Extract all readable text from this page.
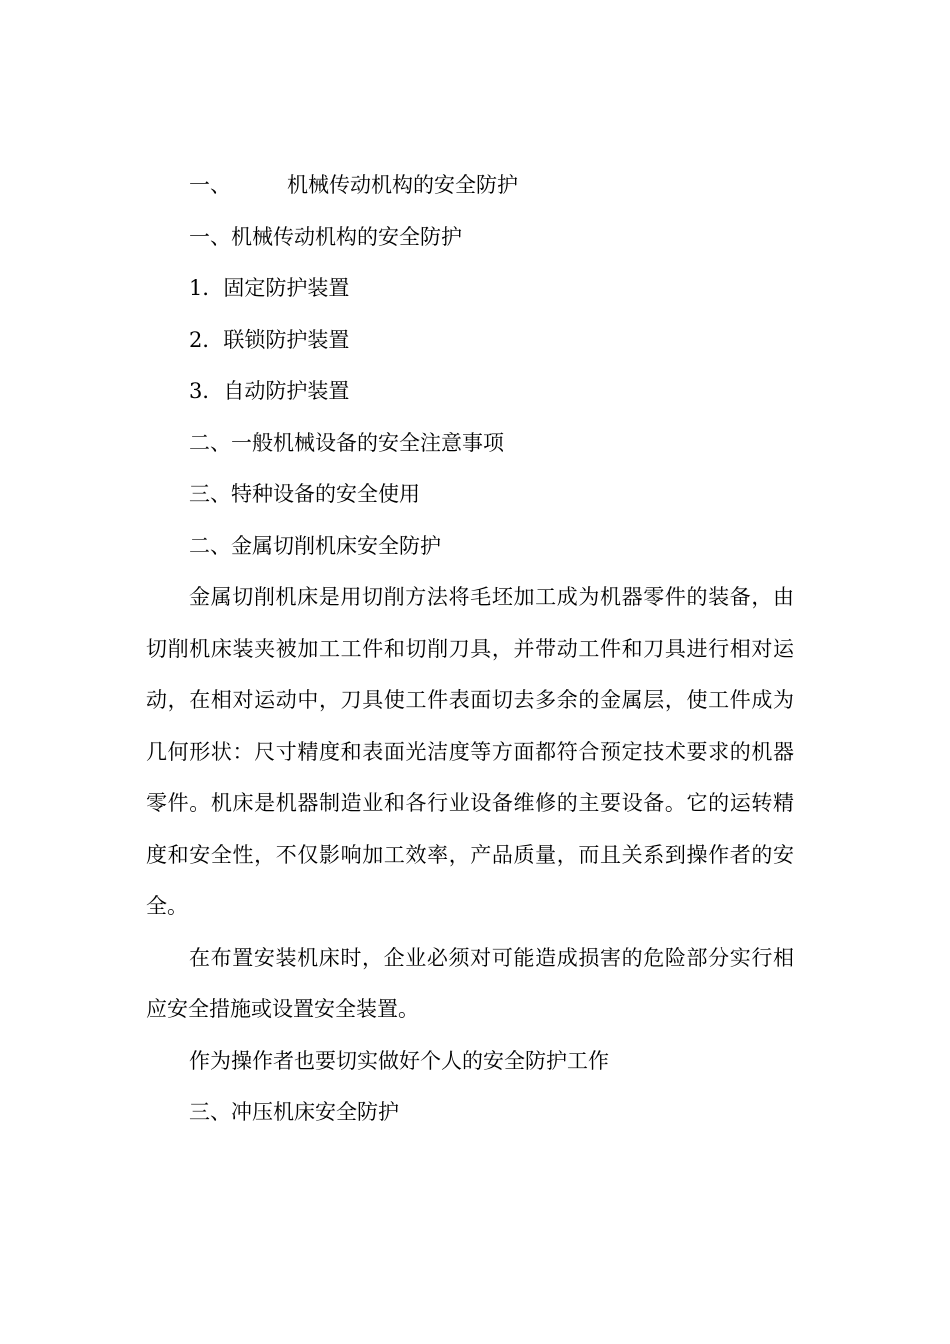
一、	机械传动机构的安全防护
一、机械传动机构的安全防护
1．固定防护装置
2．联锁防护装置
3．自动防护装置
二、一般机械设备的安全注意事项
三、特种设备的安全使用
二、金属切削机床安全防护

金属切削机床是用切削方法将毛坯加工成为机器零件的装备，由切削机床装夹被加工工件和切削刀具，并带动工件和刀具进行相对运动，在相对运动中，刀具使工件表面切去多余的金属层，使工件成为几何形状：尺寸精度和表面光洁度等方面都符合预定技术要求的机器零件。机床是机器制造业和各行业设备维修的主要设备。它的运转精度和安全性，不仅影响加工效率，产品质量，而且关系到操作者的安全。

在布置安装机床时，企业必须对可能造成损害的危险部分实行相应安全措施或设置安全装置。

作为操作者也要切实做好个人的安全防护工作
三、冲压机床安全防护
